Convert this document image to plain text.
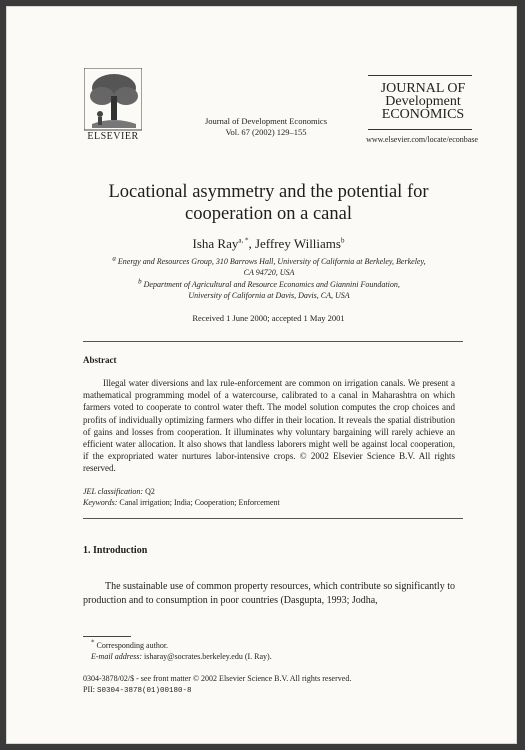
ELSEVIER
Journal of Development Economics
Vol. 67 (2002) 129–155
JOURNAL OF
Development
ECONOMICS
www.elsevier.com/locate/econbase
Locational asymmetry and the potential for
cooperation on a canal
Isha Ray$^{a, *}$, Jeffrey Williams$^b$
$^a$ Energy and Resources Group, 310 Barrows Hall, University of California at Berkeley, Berkeley,
CA 94720, USA
$^b$ Department of Agricultural and Resource Economics and Giannini Foundation,
University of California at Davis, Davis, CA, USA
Received 1 June 2000; accepted 1 May 2001
Abstract
Illegal water diversions and lax rule-enforcement are common on irrigation canals. We present a mathematical programming model of a watercourse, calibrated to a canal in Maharashtra on which farmers voted to cooperate to control water theft. The model solution computes the crop choices and profits of individually optimizing farmers who differ in their location. It reveals the spatial distribution of gains and losses from cooperation. It illuminates why voluntary bargaining will rarely achieve an efficient water allocation. It also shows that landless laborers might well be against local cooperation, if the expropriated water nurtures labor-intensive crops. © 2002 Elsevier Science B.V. All rights reserved.
JEL classification: Q2
Keywords: Canal irrigation; India; Cooperation; Enforcement
1. Introduction
The sustainable use of common property resources, which contribute so significantly to production and to consumption in poor countries (Dasgupta, 1993; Jodha,
* Corresponding author.
E-mail address: isharay@socrates.berkeley.edu (I. Ray).
0304-3878/02/$ - see front matter © 2002 Elsevier Science B.V. All rights reserved.
PII: S0304-3878(01)00180-8
